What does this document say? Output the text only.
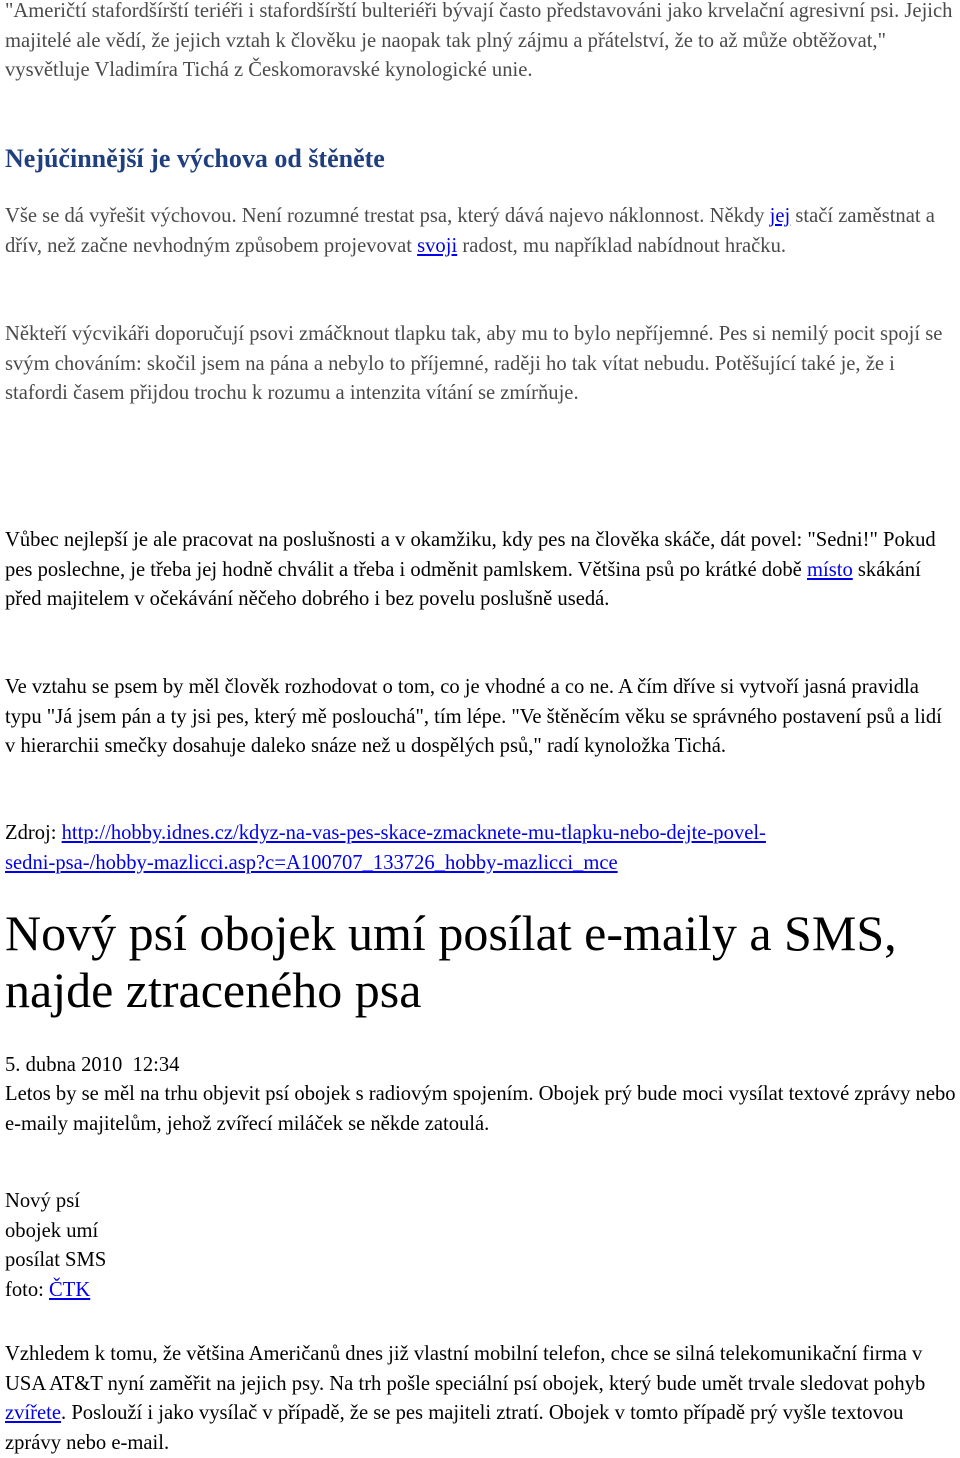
"Američtí stafordšírští teriéři i stafordšírští bulteriéři bývají často představováni jako krvelační agresivní psi. Jejich majitelé ale vědí, že jejich vztah k člověku je naopak tak plný zájmu a přátelství, že to až může obtěžovat," vysvětluje Vladimíra Tichá z Českomoravské kynologické unie.

Nejúčinnější je výchova od štěněte

Vše se dá vyřešit výchovou. Není rozumné trestat psa, který dává najevo náklonnost. Někdy jej stačí zaměstnat a dřív, než začne nevhodným způsobem projevovat svoji radost, mu například nabídnout hračku.

Někteří výcvikáři doporučují psovi zmáčknout tlapku tak, aby mu to bylo nepříjemné. Pes si nemilý pocit spojí se svým chováním: skočil jsem na pána a nebylo to příjemné, raději ho tak vítat nebudu. Potěšující také je, že i stafordi časem přijdou trochu k rozumu a intenzita vítání se zmírňuje.

Vůbec nejlepší je ale pracovat na poslušnosti a v okamžiku, kdy pes na člověka skáče, dát povel: "Sedni!" Pokud pes poslechne, je třeba jej hodně chválit a třeba i odměnit pamlskem. Většina psů po krátké době místo skákání před majitelem v očekávání něčeho dobrého i bez povelu poslušně usedá.

Ve vztahu se psem by měl člověk rozhodovat o tom, co je vhodné a co ne. A čím dříve si vytvoří jasná pravidla typu "Já jsem pán a ty jsi pes, který mě poslouchá", tím lépe. "Ve štěněcím věku se správného postavení psů a lidí v hierarchii smečky dosahuje daleko snáze než u dospělých psů," radí kynoložka Tichá.

Zdroj: http://hobby.idnes.cz/kdyz-na-vas-pes-skace-zmacknete-mu-tlapku-nebo-dejte-povel-
sedni-psa-/hobby-mazlicci.asp?c=A100707_133726_hobby-mazlicci_mce

Nový psí obojek umí posílat e-maily a SMS,
najde ztraceného psa

5. dubna 2010  12:34

Letos by se měl na trhu objevit psí obojek s radiovým spojením. Obojek prý bude moci vysílat textové zprávy nebo e-maily majitelům, jehož zvířecí miláček se někde zatoulá.

Nový psí
obojek umí
posílat SMS
foto: ČTK

Vzhledem k tomu, že většina Američanů dnes již vlastní mobilní telefon, chce se silná telekomunikační firma v USA AT&T nyní zaměřit na jejich psy. Na trh pošle speciální psí obojek, který bude umět trvale sledovat pohyb zvířete. Poslouží i jako vysílač v případě, že se pes majiteli ztratí. Obojek v tomto případě prý vyšle textovou zprávy nebo e-mail.
